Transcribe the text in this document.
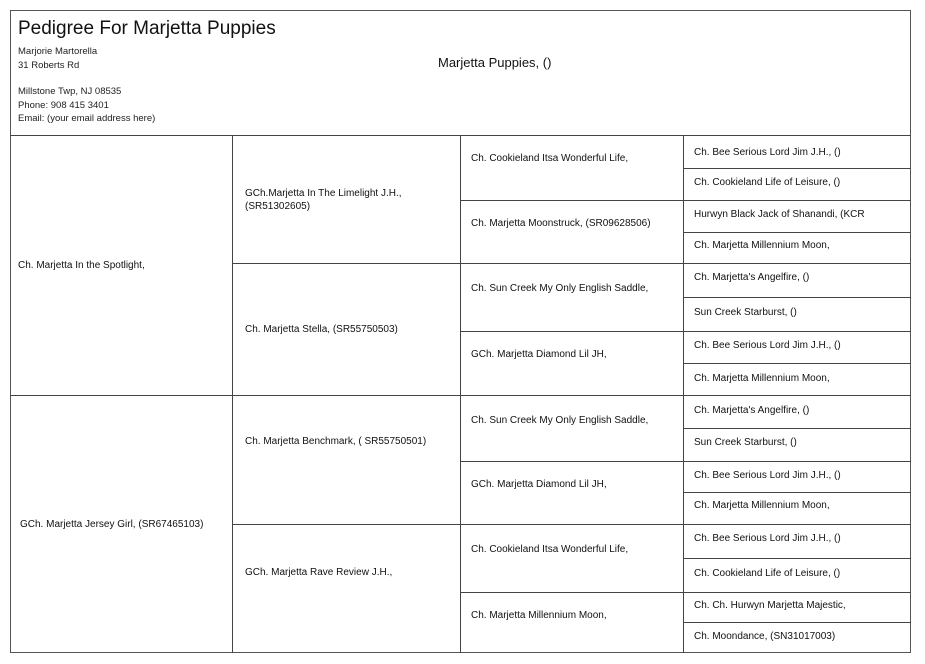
Pedigree For Marjetta Puppies
Marjorie Martorella
31 Roberts Rd
Millstone Twp, NJ 08535
Phone: 908 415 3401
Email: (your email address here)
Marjetta Puppies, ()
Ch. Marjetta In the Spotlight,
GCh. Marjetta Jersey Girl, (SR67465103)
GCh.Marjetta In The Limelight J.H., (SR51302605)
Ch. Marjetta Stella, (SR55750503)
Ch. Marjetta Benchmark, ( SR55750501)
GCh. Marjetta Rave Review J.H.,
Ch. Cookieland Itsa Wonderful Life,
Ch. Marjetta Moonstruck, (SR09628506)
Ch. Sun Creek My Only English Saddle,
GCh. Marjetta Diamond Lil JH,
Ch. Sun Creek My Only English Saddle,
GCh. Marjetta Diamond Lil JH,
Ch. Cookieland Itsa Wonderful Life,
Ch. Marjetta Millennium Moon,
Ch. Bee Serious Lord Jim J.H., ()
Ch. Cookieland Life of Leisure, ()
Hurwyn Black Jack of Shanandi, (KCR
Ch. Marjetta Millennium Moon,
Ch. Marjetta's Angelfire, ()
Sun Creek Starburst, ()
Ch. Bee Serious Lord Jim J.H., ()
Ch. Marjetta Millennium Moon,
Ch. Marjetta's Angelfire, ()
Sun Creek Starburst, ()
Ch. Bee Serious Lord Jim J.H., ()
Ch. Marjetta Millennium Moon,
Ch. Bee Serious Lord Jim J.H., ()
Ch. Cookieland Life of Leisure, ()
Ch. Ch. Hurwyn Marjetta Majestic,
Ch. Moondance, (SN31017003)
